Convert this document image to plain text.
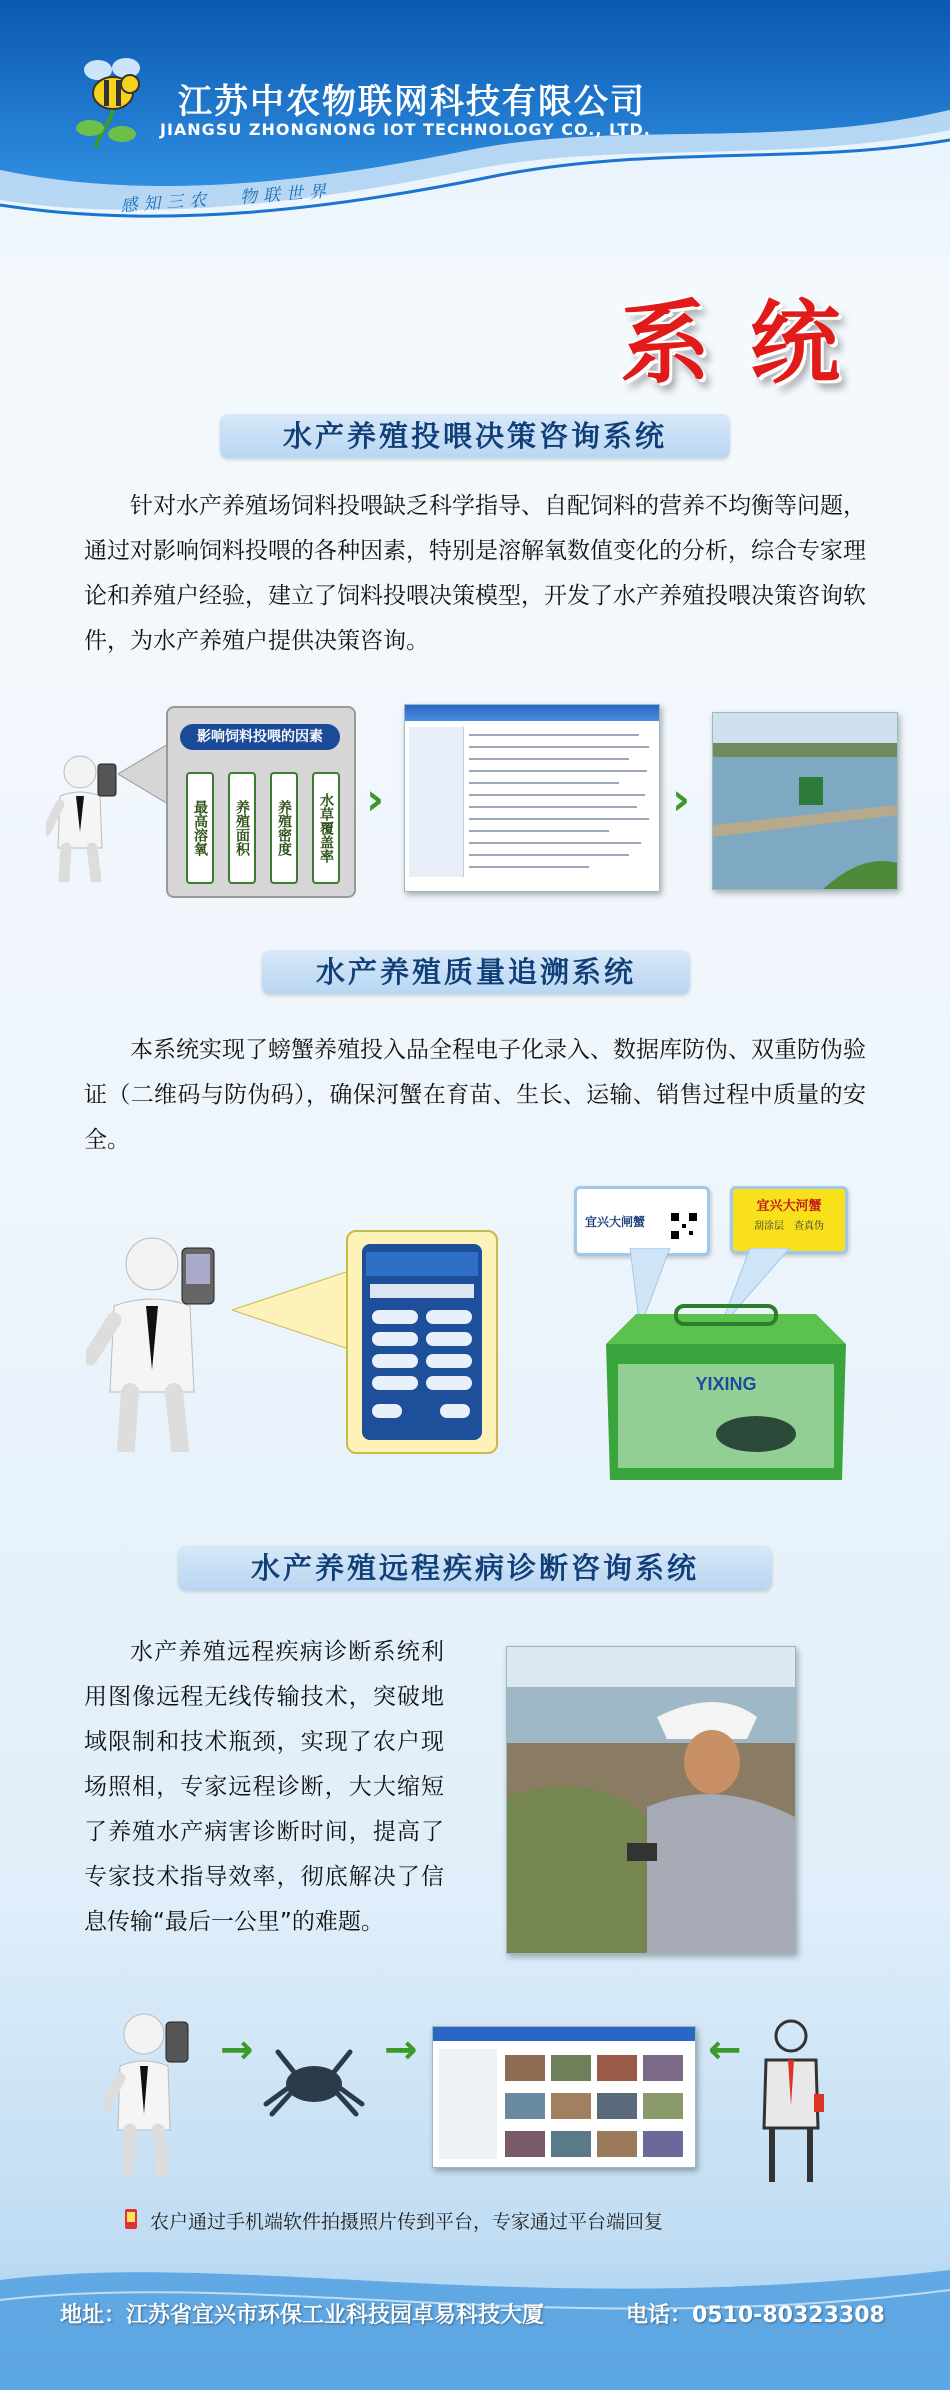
江苏中农物联网科技有限公司
JIANGSU ZHONGNONG IOT TECHNOLOGY CO., LTD.
感知三农 物联世界
系统
水产养殖投喂决策咨询系统

针对水产养殖场饲料投喂缺乏科学指导、自配饲料的营养不均衡等问题，通过对影响饲料投喂的各种因素，特别是溶解氧数值变化的分析，综合专家理论和养殖户经验，建立了饲料投喂决策模型，开发了水产养殖投喂决策咨询软件，为水产养殖户提供决策咨询。

影响饲料投喂的因素
最高溶氧	养殖面积	养殖密度	水草覆盖率 ›	›
水产养殖质量追溯系统

本系统实现了螃蟹养殖投入品全程电子化录入、数据库防伪、双重防伪验证（二维码与防伪码），确保河蟹在育苗、生长、运输、销售过程中质量的安全。

宜兴大闸蟹
宜兴大河蟹
刮涂层　查真伪
YIXING
水产养殖远程疾病诊断咨询系统

水产养殖远程疾病诊断系统利用图像远程无线传输技术，突破地域限制和技术瓶颈，实现了农户现场照相，专家远程诊断，大大缩短了养殖水产病害诊断时间，提高了专家技术指导效率，彻底解决了信息传输“最后一公里”的难题。

→	→	←
农户通过手机端软件拍摄照片传到平台，专家通过平台端回复
地址：江苏省宜兴市环保工业科技园卓易科技大厦	电话：0510-80323308
